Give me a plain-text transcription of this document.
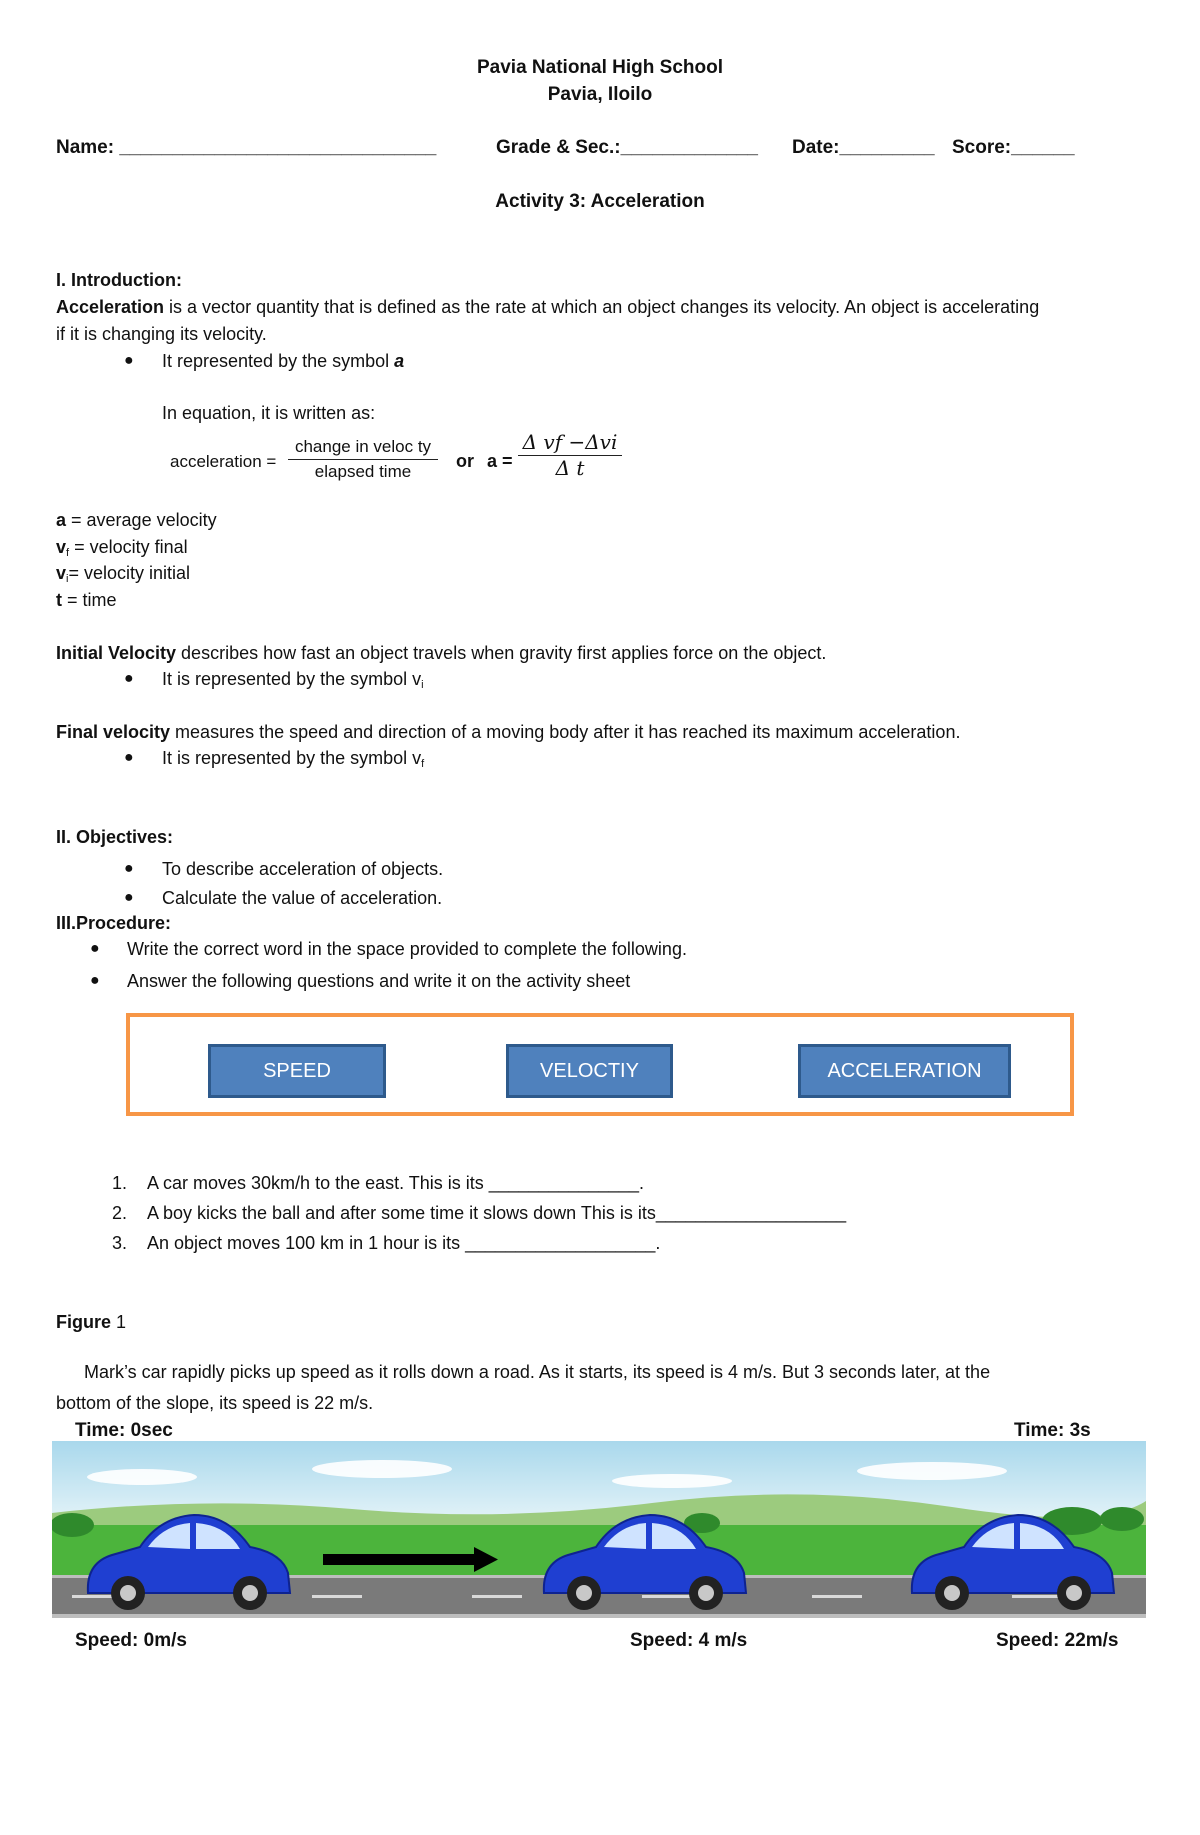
Pavia National High School
Pavia, Iloilo
Name: ______________________________	Grade & Sec.:_____________ Date:_________ Score:______
Activity 3: Acceleration
I. Introduction:
Acceleration is a vector quantity that is defined as the rate at which an object changes its velocity. An object is accelerating
if it is changing its velocity.
● It represented by the symbol a
In equation, it is written as:
acceleration =
change in veloc ty
elapsed time
or a =
Δ vf −Δvi
Δ t
a = average velocity
$v_f$ = velocity final
$v_i=$ velocity initial
t = time
Initial Velocity describes how fast an object travels when gravity first applies force on the object.
● It is represented by the symbol $v_i$
Final velocity measures the speed and direction of a moving body after it has reached its maximum acceleration.
● It is represented by the symbol $v_f$
II. Objectives:
● To describe acceleration of objects.
● Calculate the value of acceleration.
III.Procedure:
● Write the correct word in the space provided to complete the following.
● Answer the following questions and write it on the activity sheet
SPEED	VELOCTIY	ACCELERATION
1. A car moves 30km/h to the east. This is its _______________.
2. A boy kicks the ball and after some time it slows down This is its___________________
3. An object moves 100 km in 1 hour is its ___________________.
Figure 1
Mark’s car rapidly picks up speed as it rolls down a road. As it starts, its speed is 4 m/s. But 3 seconds later, at the
bottom of the slope, its speed is 22 m/s.
Time: 0sec	Time: 3s
Speed: 0m/s	Speed: 4 m/s	Speed: 22m/s
